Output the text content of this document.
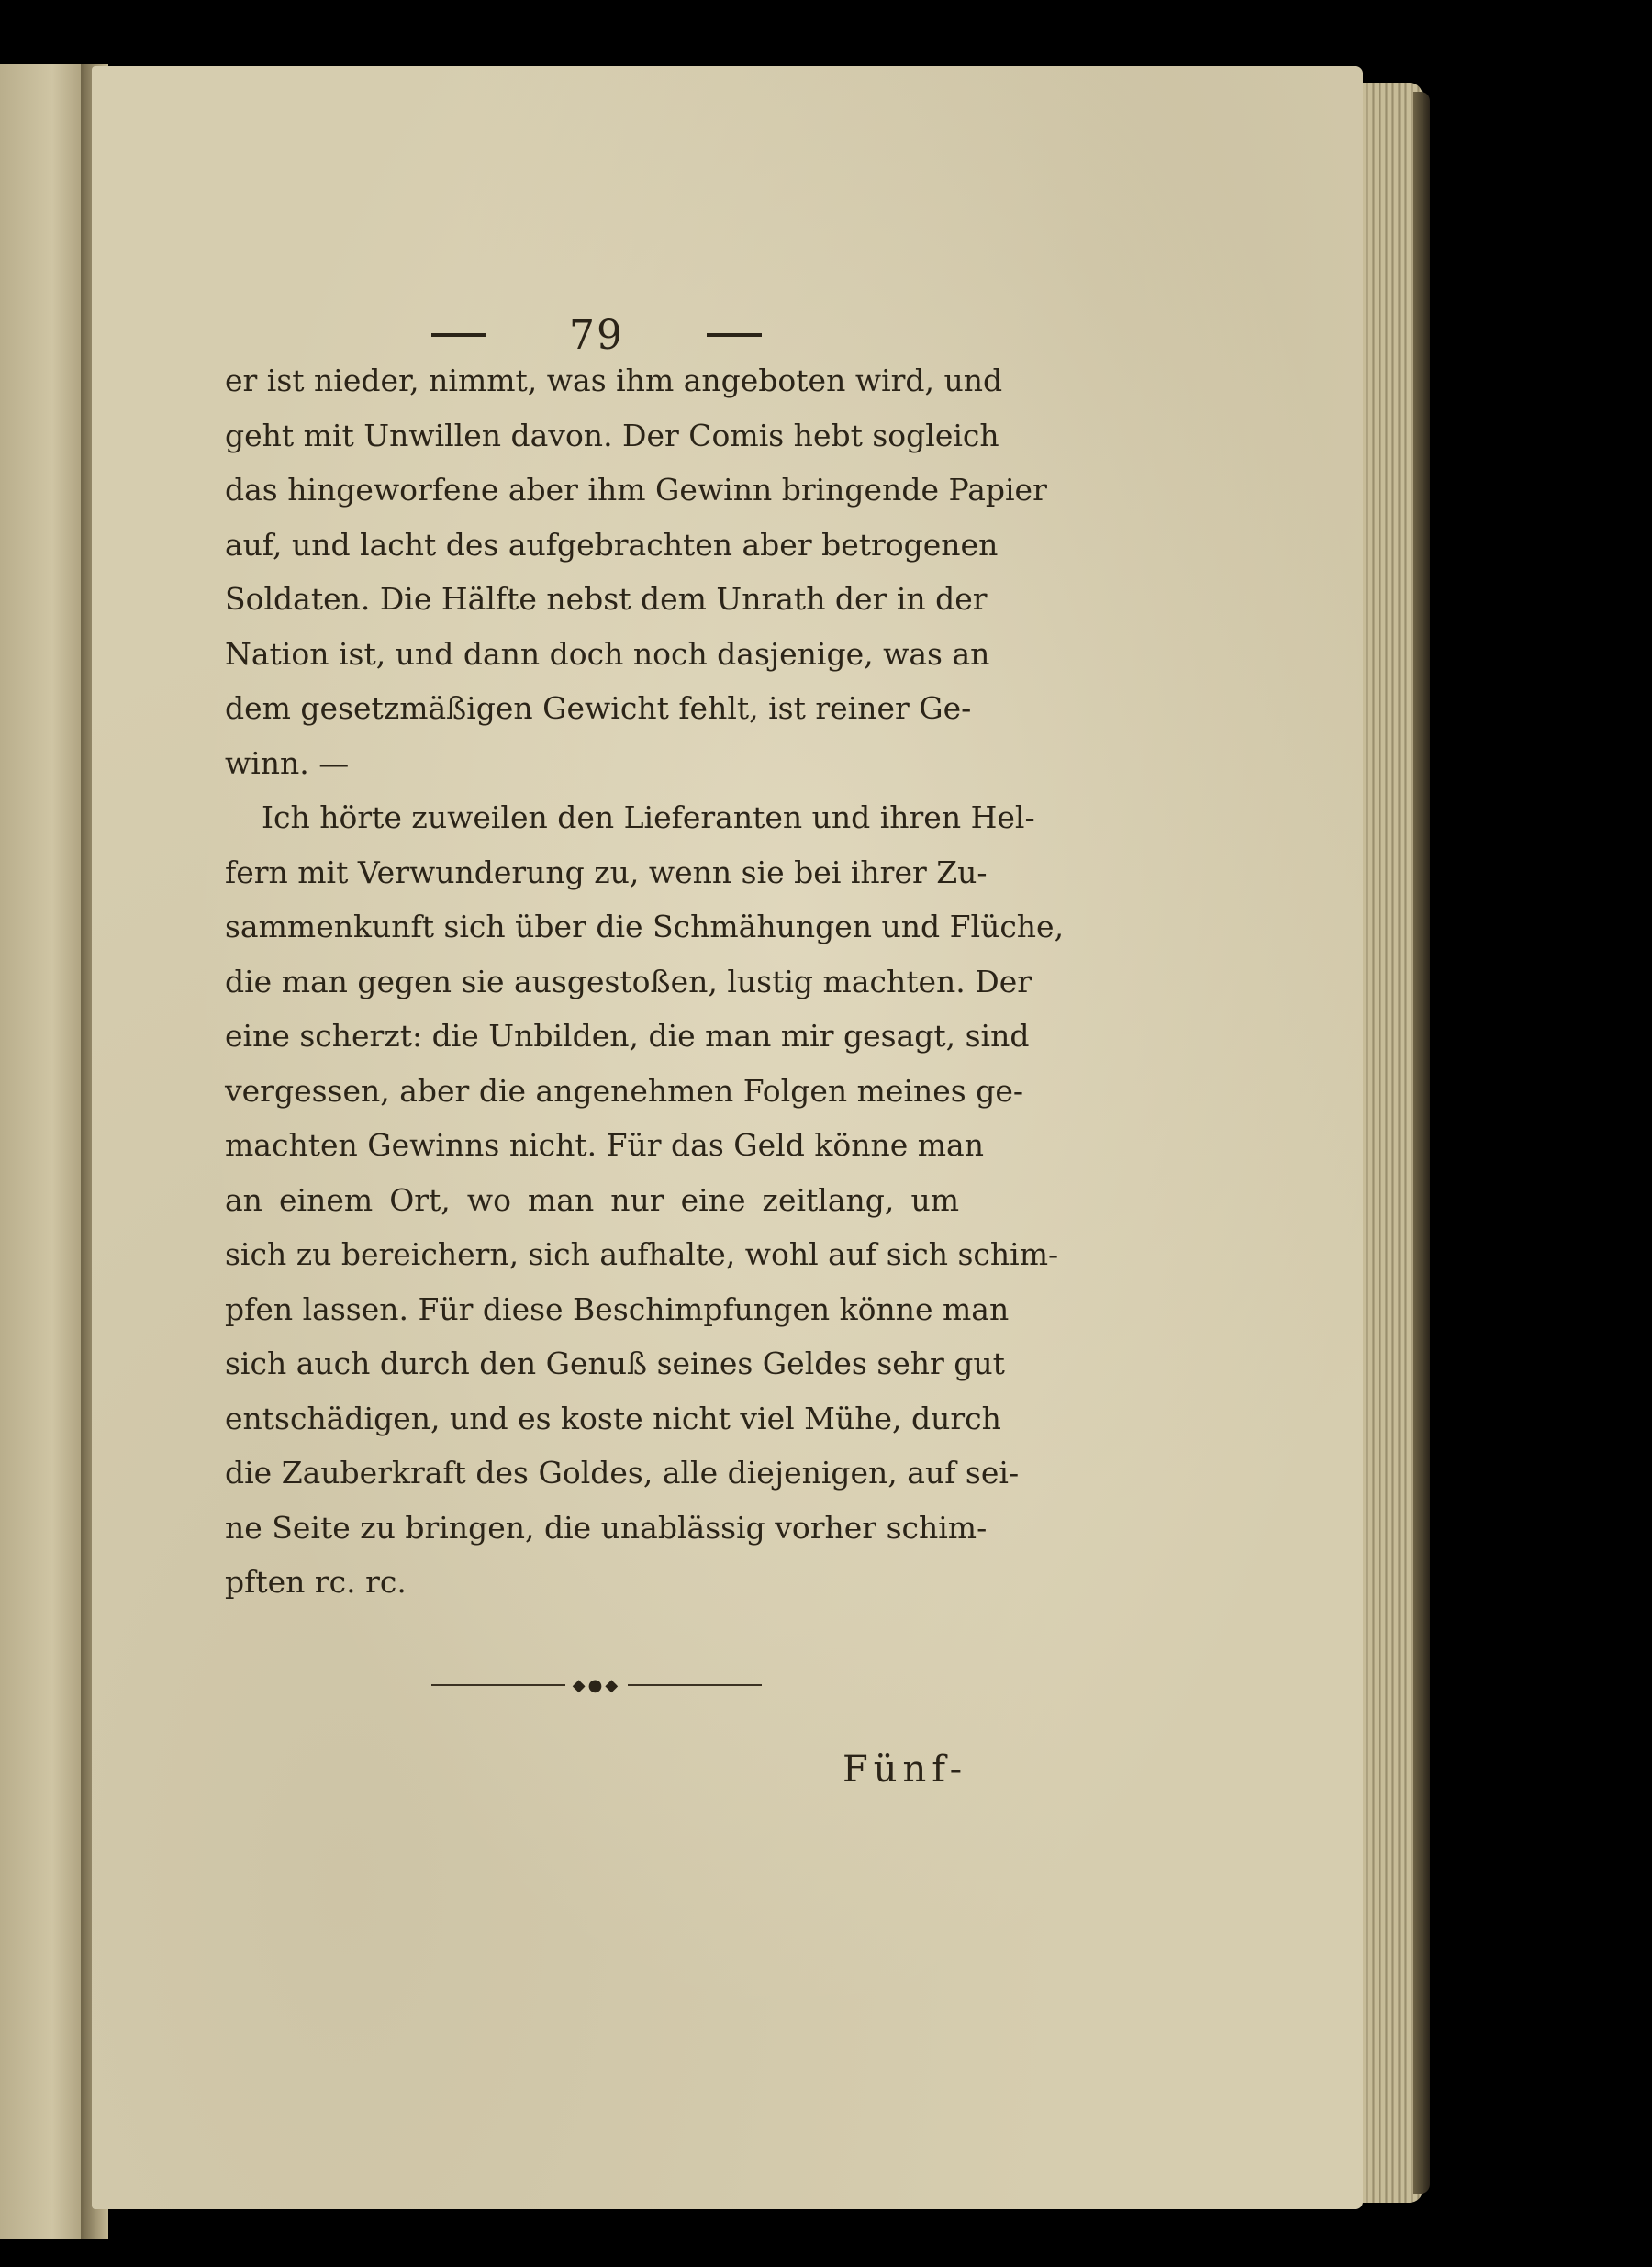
79
er ist nieder, nimmt, was ihm angeboten wird, und
geht mit Unwillen davon. Der Comis hebt sogleich
das hingeworfene aber ihm Gewinn bringende Papier
auf, und lacht des aufgebrachten aber betrogenen
Soldaten. Die Hälfte nebst dem Unrath der in der
Nation ist, und dann doch noch dasjenige, was an
dem gesetzmäßigen Gewicht fehlt, ist reiner Ge-
winn. —
Ich hörte zuweilen den Lieferanten und ihren Hel-
fern mit Verwunderung zu, wenn sie bei ihrer Zu-
sammenkunft sich über die Schmähungen und Flüche,
die man gegen sie ausgestoßen, lustig machten. Der
eine scherzt: die Unbilden, die man mir gesagt, sind
vergessen, aber die angenehmen Folgen meines ge-
machten Gewinns nicht. Für das Geld könne man
an einem Ort, wo man nur eine zeitlang, um
sich zu bereichern, sich aufhalte, wohl auf sich schim-
pfen lassen. Für diese Beschimpfungen könne man
sich auch durch den Genuß seines Geldes sehr gut
entschädigen, und es koste nicht viel Mühe, durch
die Zauberkraft des Goldes, alle diejenigen, auf sei-
ne Seite zu bringen, die unablässig vorher schim-
pften rc. rc.
◆●◆
Fünf-
